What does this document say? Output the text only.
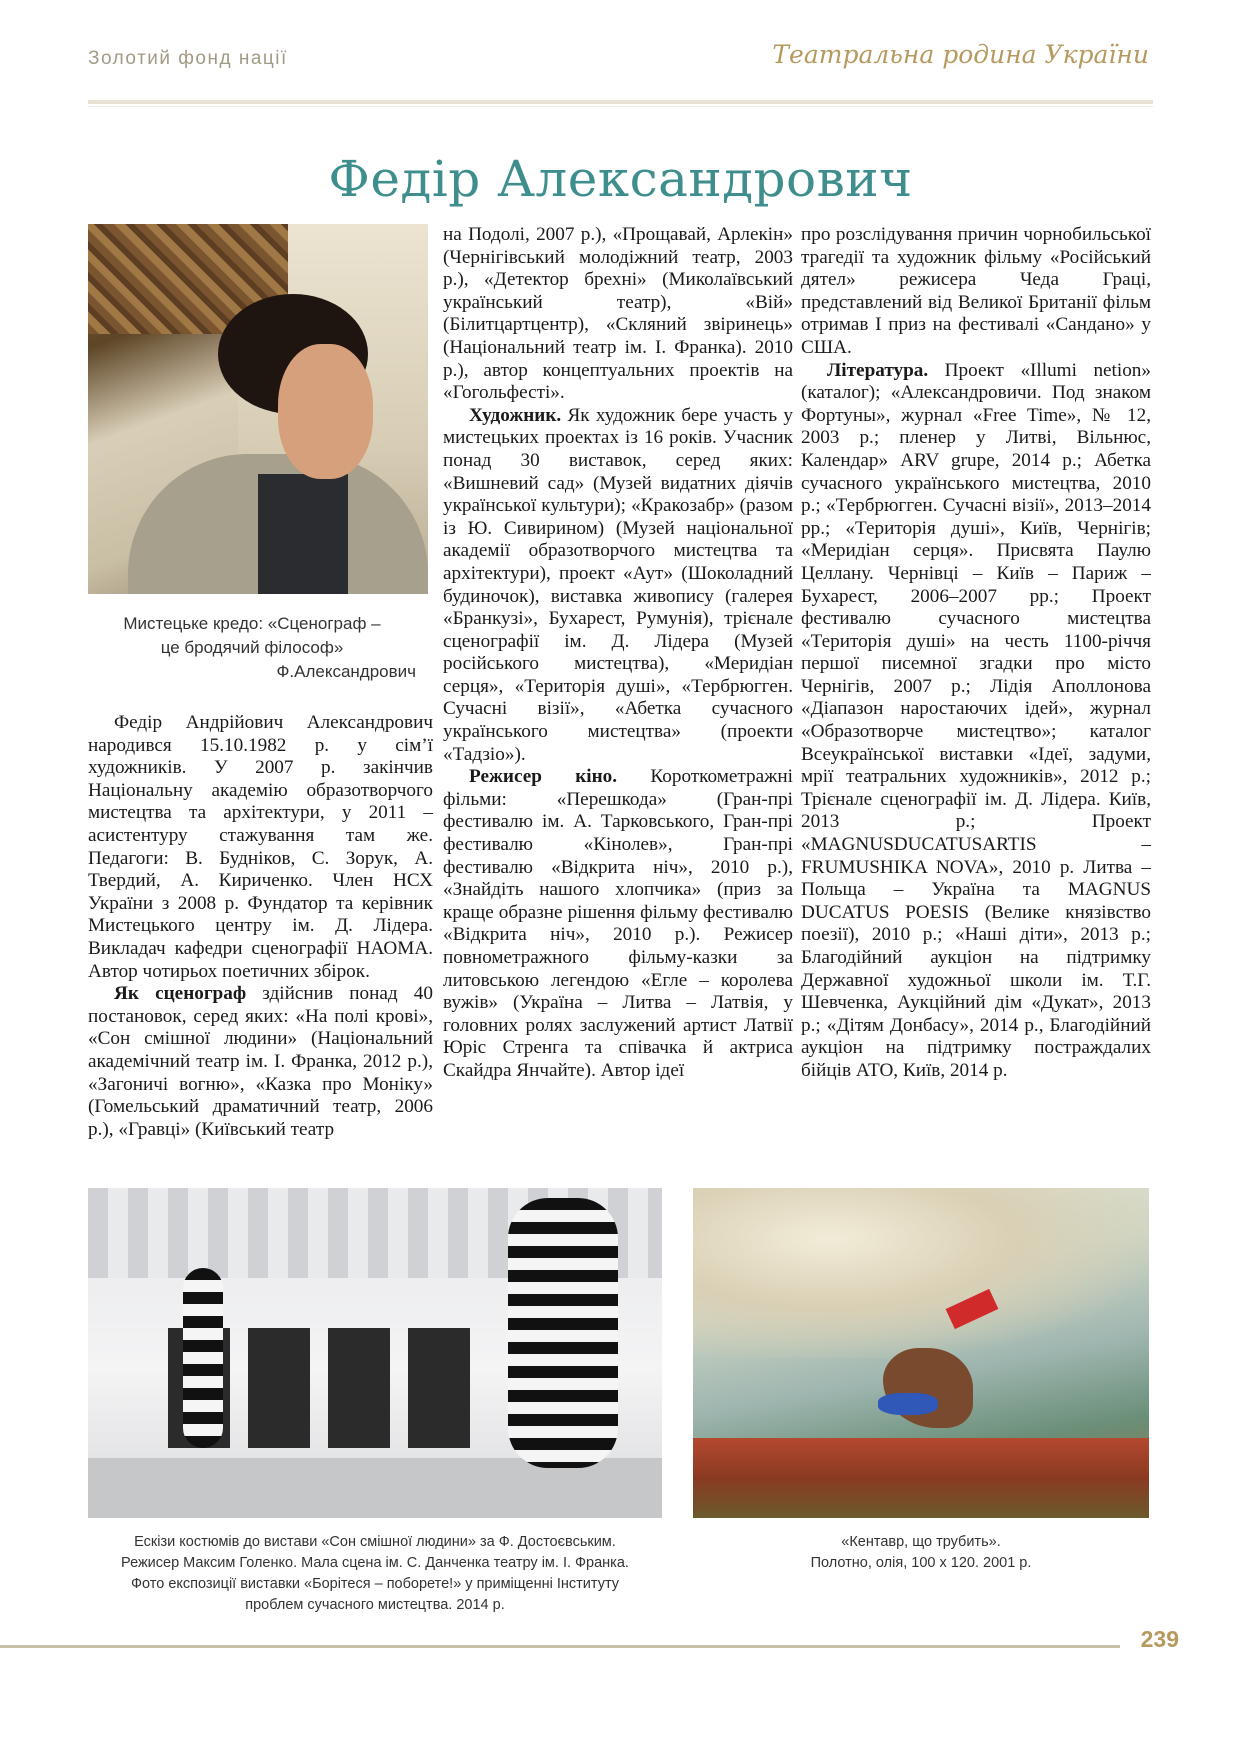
Золотий фонд нації	Театральна родина України
Федір Александрович
Мистецьке кредо: «Сценограф –
це бродячий філософ»
Ф.Александрович

Федір Андрійович Александрович народився 15.10.1982 р. у сім’ї художників. У 2007 р. закінчив Національну академію образотворчого мистецтва та архітектури, у 2011 – асистентуру стажування там же. Педагоги: В. Будніков, С. Зорук, А. Твердий, А. Кириченко. Член НСХ України з 2008 р. Фундатор та керівник Мистецького центру ім. Д. Лідера. Викладач кафедри сценографії НАОМА. Автор чотирьох поетичних збірок.

Як сценограф здійснив понад 40 постановок, серед яких: «На полі крові», «Сон смішної людини» (Національний академічний театр ім. І. Франка, 2012 р.), «Загоничі вогню», «Казка про Моніку» (Гомельський драматичний театр, 2006 р.), «Гравці» (Київський театр

на Подолі, 2007 р.), «Прощавай, Арлекін» (Чернігівський молодіжний театр, 2003 р.), «Детектор брехні» (Миколаївський український театр), «Вій» (Білитцартцентр), «Скляний звіринець» (Національний театр ім. І. Франка). 2010 р.), автор концептуальних проектів на «Гогольфесті».

Художник. Як художник бере участь у мистецьких проектах із 16 років. Учасник понад 30 виставок, серед яких: «Вишневий сад» (Музей видатних діячів української культури); «Кракозабр» (разом із Ю. Сивирином) (Музей національної академії образотворчого мистецтва та архітектури), проект «Аут» (Шоколадний будиночок), виставка живопису (галерея «Бранкузі», Бухарест, Румунія), трієнале сценографії ім. Д. Лідера (Музей російського мистецтва), «Меридіан серця», «Територія душі», «Тербрюгген. Сучасні візії», «Абетка сучасного українського мистецтва» (проекти «Тадзіо»).

Режисер кіно. Короткометражні фільми: «Перешкода» (Гран-прі фестивалю ім. А. Тарковського, Гран-прі фестивалю «Кінолев», Гран-прі фестивалю «Відкрита ніч», 2010 р.), «Знайдіть нашого хлопчика» (приз за краще образне рішення фільму фестивалю «Відкрита ніч», 2010 р.). Режисер повнометражного фільму-казки за литовською легендою «Егле – королева вужів» (Україна – Литва – Латвія, у головних ролях заслужений артист Латвії Юріс Стренга та співачка й актриса Скайдра Янчайте). Автор ідеї

про розслідування причин чорнобильської трагедії та художник фільму «Російський дятел» режисера Чеда Граці, представлений від Великої Британії фільм отримав І приз на фестивалі «Сандано» у США.

Література. Проект «Illumi netion» (каталог); «Александровичи. Под знаком Фортуны», журнал «Free Time», № 12, 2003 р.; пленер у Литві, Вільнюс, Календар» ARV grupe, 2014 р.; Абетка сучасного українського мистецтва, 2010 р.; «Тербрюгген. Сучасні візії», 2013–2014 рр.; «Територія душі», Київ, Чернігів; «Меридіан серця». Присвята Паулю Целлану. Чернівці – Київ – Париж – Бухарест, 2006–2007 рр.; Проект фестивалю сучасного мистецтва «Територія душі» на честь 1100-річчя першої писемної згадки про місто Чернігів, 2007 р.; Лідія Аполлонова «Діапазон наростаючих ідей», журнал «Образотворче мистецтво»; каталог Всеукраїнської виставки «Ідеї, задуми, мрії театральних художників», 2012 р.; Трієнале сценографії ім. Д. Лідера. Київ, 2013 р.; Проект «MAGNUSDUCATUSARTIS – FRUMUSHIKA NOVA», 2010 р. Литва – Польща – Україна та MAGNUS DUCATUS POESIS (Велике князівство поезії), 2010 р.; «Наші діти», 2013 р.; Благодійний аукціон на підтримку Державної художньої школи ім. Т.Г. Шевченка, Аукційний дім «Дукат», 2013 р.; «Дітям Донбасу», 2014 р., Благодійний аукціон на підтримку постраждалих бійців АТО, Київ, 2014 р.

Ескізи костюмів до вистави «Сон смішної людини» за Ф. Достоєвським.
Режисер Максим Голенко. Мала сцена ім. С. Данченка театру ім. І. Франка.
Фото експозиції виставки «Борітеся – поборете!» у приміщенні Інституту
проблем сучасного мистецтва. 2014 р.
«Кентавр, що трубить».
Полотно, олія, 100 х 120. 2001 р.
239
